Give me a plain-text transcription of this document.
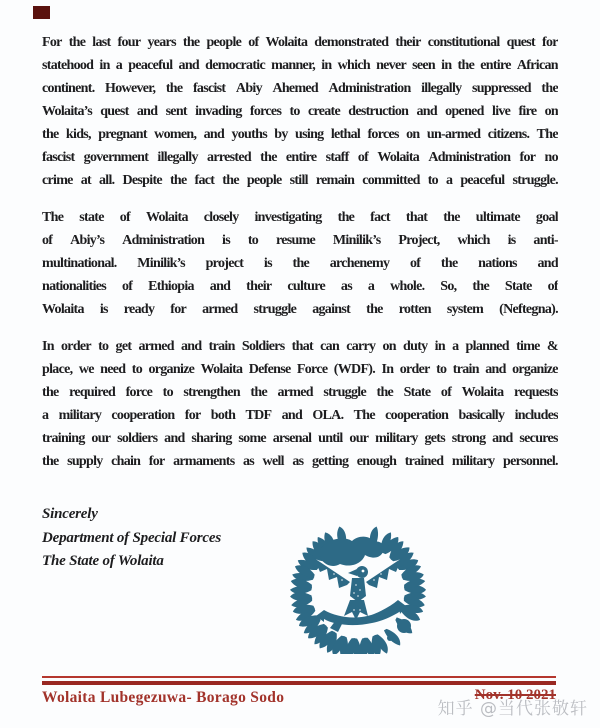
For the last four years the people of Wolaita demonstrated their constitutional quest for
statehood in a peaceful and democratic manner, in which never seen in the entire African
continent. However, the fascist Abiy Ahemed Administration illegally suppressed the
Wolaita’s quest and sent invading forces to create destruction and opened live fire on
the kids, pregnant women, and youths by using lethal forces on un-armed citizens. The
fascist government illegally arrested the entire staff of Wolaita Administration for no
crime at all. Despite the fact the people still remain committed to a peaceful struggle.
The state of Wolaita closely investigating the fact that the ultimate goal
of Abiy’s Administration is to resume Minilik’s Project, which is anti-
multinational. Minilik’s project is the archenemy of the nations and
nationalities of Ethiopia and their culture as a whole. So, the State of
Wolaita is ready for armed struggle against the rotten system (Neftegna).
In order to get armed and train Soldiers that can carry on duty in a planned time &
place, we need to organize Wolaita Defense Force (WDF). In order to train and organize
the required force to strengthen the armed struggle the State of Wolaita requests
a military cooperation for both TDF and OLA. The cooperation basically includes
training our soldiers and sharing some arsenal until our military gets strong and secures
the supply chain for armaments as well as getting enough trained military personnel.
Sincerely
Department of Special Forces
The State of Wolaita
Wolaita Lubegezuwa- Borago Sodo	Nov. 10 2021
知乎 @当代张敬轩
